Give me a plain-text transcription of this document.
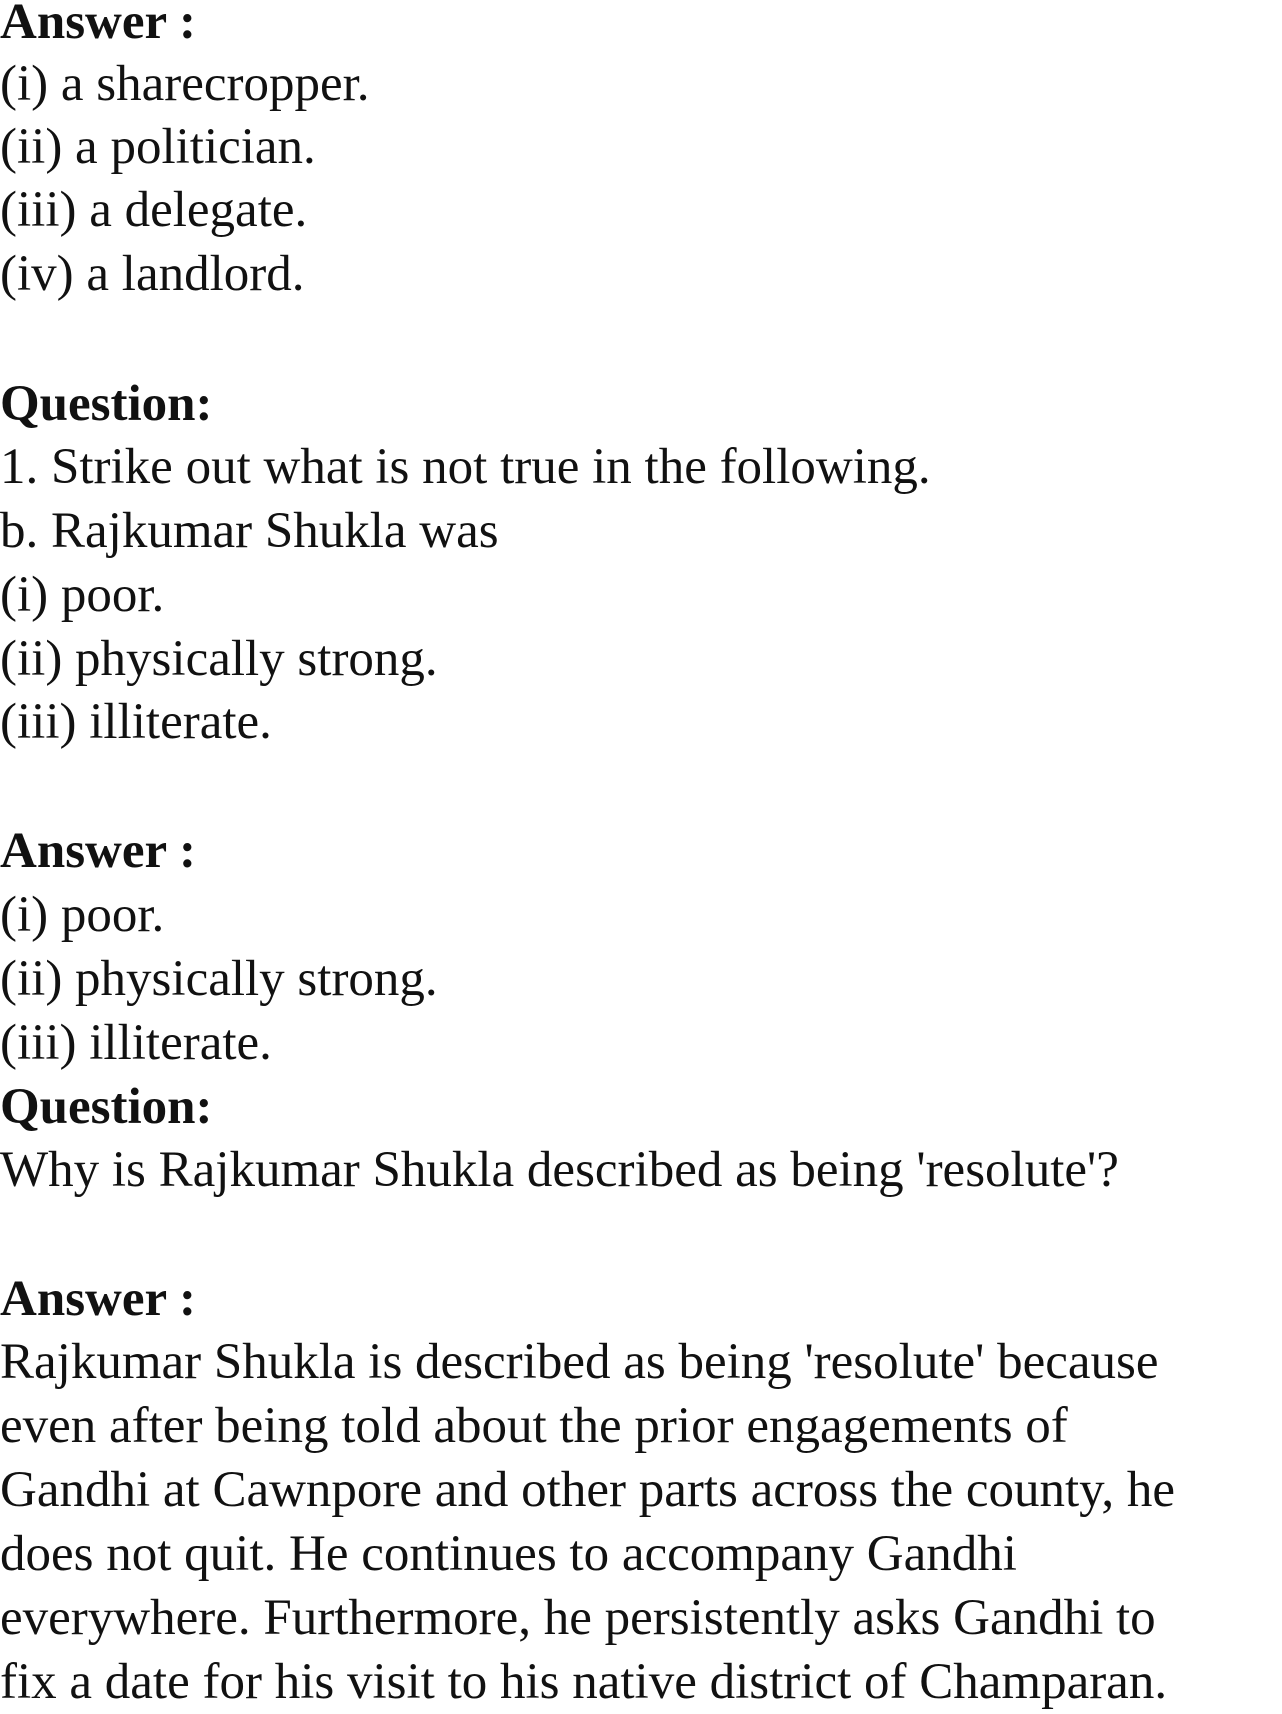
Answer :
(i) a sharecropper.
(ii) a politician.
(iii) a delegate.
(iv) a landlord.
Question:
1. Strike out what is not true in the following.
b. Rajkumar Shukla was
(i) poor.
(ii) physically strong.
(iii) illiterate.
Answer :
(i) poor.
(ii) physically strong.
(iii) illiterate.
Question:
Why is Rajkumar Shukla described as being 'resolute'?
Answer :
Rajkumar Shukla is described as being 'resolute' because
even after being told about the prior engagements of
Gandhi at Cawnpore and other parts across the county, he
does not quit. He continues to accompany Gandhi
everywhere. Furthermore, he persistently asks Gandhi to
fix a date for his visit to his native district of Champaran.
